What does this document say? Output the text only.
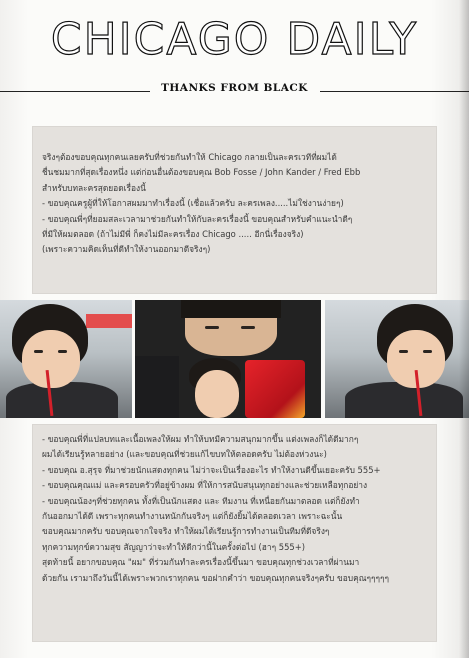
CHICAGO DAILY
THANKS FROM BLACK
จริงๆต้องขอบคุณทุกคนเลยครับที่ช่วยกันทำให้ Chicago กลายเป็นละครเวทีที่ผมได้
ชื่นชมมากที่สุดเรื่องหนึ่ง แต่ก่อนอื่นต้องขอบคุณ Bob Fosse / John Kander / Fred Ebb
สำหรับบทละครสุดยอดเรื่องนี้
- ขอบคุณครูผู้ที่ให้โอกาสผมมาทำเรื่องนี้ (เชื่อแล้วครับ ละครเพลง.....ไม่ใช่งานง่ายๆ)
- ขอบคุณพี่ๆที่ยอมสละเวลามาช่วยกันทำให้กับละครเรื่องนี้ ขอบคุณสำหรับคำแนะนำดีๆ
ที่มีให้ผมตลอด (ถ้าไม่มีพี่ ก็คงไม่มีละครเรื่อง Chicago ..... อีกนี่เรื่องจริง)
(เพราะความคิดเห็นที่ดีทำให้งานออกมาดีจริงๆ)
- ขอบคุณพี่ที่แปลบทและเนื้อเพลงให้ผม ทำให้บทมีความสนุกมากขึ้น แต่งเพลงก็ได้ดีมากๆ
ผมได้เรียนรู้หลายอย่าง (และขอบคุณที่ช่วยแก้ไขบทให้ตลอดครับ ไม่ต้องห่วงนะ)
- ขอบคุณ อ.สุรุจ ที่มาช่วยนักแสดงทุกคน ไม่ว่าจะเป็นเรื่องอะไร ทำให้งานดีขึ้นเยอะครับ 555+
- ขอบคุณคุณแม่ และครอบครัวที่อยู่ข้างผม ที่ให้การสนับสนุนทุกอย่างและช่วยเหลือทุกอย่าง
- ขอบคุณน้องๆที่ช่วยทุกคน ทั้งที่เป็นนักแสดง และ ทีมงาน ที่เหนื่อยกันมาตลอด แต่ก็ยังทำ
กันออกมาได้ดี เพราะทุกคนทำงานหนักกันจริงๆ แต่ก็ยังยิ้มได้ตลอดเวลา เพราะฉะนั้น
ขอบคุณมากครับ ขอบคุณจากใจจริง ทำให้ผมได้เรียนรู้การทำงานเป็นทีมที่ดีจริงๆ
ทุกความทุกข์ความสุข สัญญาว่าจะทำให้ดีกว่านี้ในครั้งต่อไป (ฮาๆ 555+)
สุดท้ายนี้ อยากขอบคุณ "ผม" ที่ร่วมกันทำละครเรื่องนี้ขึ้นมา ขอบคุณทุกช่วงเวลาที่ผ่านมา
ด้วยกัน เรามาถึงวันนี้ได้เพราะพวกเราทุกคน ขอฝากคำว่า ขอบคุณทุกคนจริงๆครับ ขอบคุณๆๆๆๆๆ
